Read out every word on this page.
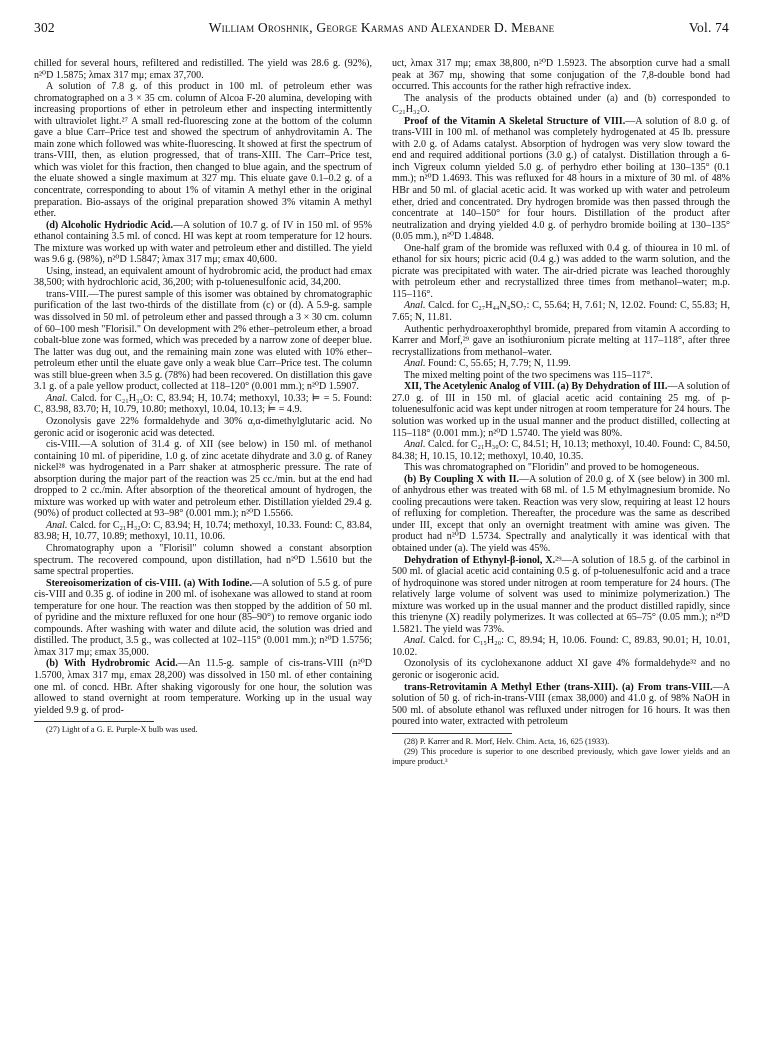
302	William Oroshnik, George Karmas and Alexander D. Mebane	Vol. 74

chilled for several hours, refiltered and redistilled. The yield was 28.6 g. (92%), n²⁰D 1.5875; λmax 317 mμ; εmax 37,700.

A solution of 7.8 g. of this product in 100 ml. of petroleum ether was chromatographed on a 3 × 35 cm. column of Alcoa F-20 alumina, developing with increasing proportions of ether in petroleum ether and inspecting intermittently with ultraviolet light.²⁷ A small red-fluorescing zone at the bottom of the column gave a blue Carr–Price test and showed the spectrum of anhydrovitamin A. The main zone which followed was white-fluorescing. It showed at first the spectrum of trans-VIII, then, as elution progressed, that of trans-XIII. The Carr–Price test, which was violet for this fraction, then changed to blue again, and the spectrum of the eluate showed a single maximum at 327 mμ. This eluate gave 0.1–0.2 g. of a concentrate, corresponding to about 1% of vitamin A methyl ether in the original preparation. Bio-assays of the original preparation showed 3% vitamin A methyl ether.

(d) Alcoholic Hydriodic Acid.—A solution of 10.7 g. of IV in 150 ml. of 95% ethanol containing 3.5 ml. of concd. HI was kept at room temperature for 12 hours. The mixture was worked up with water and petroleum ether and distilled. The yield was 9.6 g. (98%), n²⁰D 1.5847; λmax 317 mμ; εmax 40,600.

Using, instead, an equivalent amount of hydrobromic acid, the product had εmax 38,500; with hydrochloric acid, 36,200; with p-toluenesulfonic acid, 34,200.

trans-VIII.—The purest sample of this isomer was obtained by chromatographic purification of the last two-thirds of the distillate from (c) or (d). A 5.9-g. sample was dissolved in 50 ml. of petroleum ether and passed through a 3 × 30 cm. column of 60–100 mesh "Florisil." On development with 2% ether–petroleum ether, a broad cobalt-blue zone was formed, which was preceded by a narrow zone of deeper blue. The latter was dug out, and the remaining main zone was eluted with 10% ether–petroleum ether until the eluate gave only a weak blue Carr–Price test. The column was still blue-green when 3.5 g. (78%) had been recovered. On distillation this gave 3.1 g. of a pale yellow product, collected at 118–120° (0.001 mm.); n²⁰D 1.5907.

Anal. Calcd. for C₂₁H₃₂O: C, 83.94; H, 10.74; methoxyl, 10.33; ⊨ = 5. Found: C, 83.98, 83.70; H, 10.79, 10.80; methoxyl, 10.04, 10.13; ⊨ = 4.9.

Ozonolysis gave 22% formaldehyde and 30% α,α-dimethylglutaric acid. No geronic acid or isogeronic acid was detected.

cis-VIII.—A solution of 31.4 g. of XII (see below) in 150 ml. of methanol containing 10 ml. of piperidine, 1.0 g. of zinc acetate dihydrate and 3.0 g. of Raney nickel²⁸ was hydrogenated in a Parr shaker at atmospheric pressure. The rate of absorption during the major part of the reaction was 25 cc./min. but at the end had dropped to 2 cc./min. After absorption of the theoretical amount of hydrogen, the mixture was worked up with water and petroleum ether. Distillation yielded 29.4 g. (90%) of product collected at 93–98° (0.001 mm.); n²⁰D 1.5566.

Anal. Calcd. for C₂₁H₃₂O: C, 83.94; H, 10.74; methoxyl, 10.33. Found: C, 83.84, 83.98; H, 10.77, 10.89; methoxyl, 10.11, 10.06.

Chromatography upon a "Florisil" column showed a constant absorption spectrum. The recovered compound, upon distillation, had n²⁰D 1.5610 but the same spectral properties.

Stereoisomerization of cis-VIII. (a) With Iodine.—A solution of 5.5 g. of pure cis-VIII and 0.35 g. of iodine in 200 ml. of isohexane was allowed to stand at room temperature for one hour. The reaction was then stopped by the addition of 50 ml. of pyridine and the mixture refluxed for one hour (85–90°) to remove organic iodo compounds. After washing with water and dilute acid, the solution was dried and distilled. The product, 3.5 g., was collected at 102–115° (0.001 mm.); n²⁰D 1.5756; λmax 317 mμ; εmax 35,000.

(b) With Hydrobromic Acid.—An 11.5-g. sample of cis-trans-VIII (n²⁰D 1.5700, λmax 317 mμ, εmax 28,200) was dissolved in 150 ml. of ether containing one ml. of concd. HBr. After shaking vigorously for one hour, the solution was allowed to stand overnight at room temperature. Working up in the usual way yielded 9.9 g. of prod-

(27) Light of a G. E. Purple-X bulb was used.

uct, λmax 317 mμ; εmax 38,800, n²⁰D 1.5923. The absorption curve had a small peak at 367 mμ, showing that some conjugation of the 7,8-double bond had occurred. This accounts for the rather high refractive index.

The analysis of the products obtained under (a) and (b) corresponded to C₂₁H₃₂O.

Proof of the Vitamin A Skeletal Structure of VIII.—A solution of 8.0 g. of trans-VIII in 100 ml. of methanol was completely hydrogenated at 45 lb. pressure with 2.0 g. of Adams catalyst. Absorption of hydrogen was very slow toward the end and required additional portions (3.0 g.) of catalyst. Distillation through a 6-inch Vigreux column yielded 5.0 g. of perhydro ether boiling at 130–135° (0.1 mm.); n²⁰D 1.4693. This was refluxed for 48 hours in a mixture of 30 ml. of 48% HBr and 50 ml. of glacial acetic acid. It was worked up with water and petroleum ether, dried and concentrated. Dry hydrogen bromide was then passed through the concentrate at 140–150° for four hours. Distillation of the product after neutralization and drying yielded 4.0 g. of perhydro bromide boiling at 130–135° (0.05 mm.), n²⁰D 1.4848.

One-half gram of the bromide was refluxed with 0.4 g. of thiourea in 10 ml. of ethanol for six hours; picric acid (0.4 g.) was added to the warm solution, and the picrate was precipitated with water. The air-dried picrate was leached thoroughly with petroleum ether and recrystallized three times from methanol–water; m.p. 115–116°.

Anal. Calcd. for C₂₇H₄₄N₄SO₇: C, 55.64; H, 7.61; N, 12.02. Found: C, 55.83; H, 7.65; N, 11.81.

Authentic perhydroaxerophthyl bromide, prepared from vitamin A according to Karrer and Morf,²⁹ gave an isothiuronium picrate melting at 117–118°, after three recrystallizations from methanol–water.

Anal. Found: C, 55.65; H, 7.79; N, 11.99.

The mixed melting point of the two specimens was 115–117°.

XII, The Acetylenic Analog of VIII. (a) By Dehydration of III.—A solution of 27.0 g. of III in 150 ml. of glacial acetic acid containing 25 mg. of p-toluenesulfonic acid was kept under nitrogen at room temperature for 24 hours. The solution was worked up in the usual manner and the product distilled, collecting at 115–118° (0.001 mm.); n²⁰D 1.5740. The yield was 80%.

Anal. Calcd. for C₂₁H₃₀O: C, 84.51; H, 10.13; methoxyl, 10.40. Found: C, 84.50, 84.38; H, 10.15, 10.12; methoxyl, 10.40, 10.35.

This was chromatographed on "Floridin" and proved to be homogeneous.

(b) By Coupling X with II.—A solution of 20.0 g. of X (see below) in 300 ml. of anhydrous ether was treated with 68 ml. of 1.5 M ethylmagnesium bromide. No cooling precautions were taken. Reaction was very slow, requiring at least 12 hours of refluxing for completion. Thereafter, the procedure was the same as described under III, except that only an overnight treatment with amine was given. The product had n²⁰D 1.5734. Spectrally and analytically it was identical with that obtained under (a). The yield was 45%.

Dehydration of Ethynyl-β-ionol, X.²⁹—A solution of 18.5 g. of the carbinol in 500 ml. of glacial acetic acid containing 0.5 g. of p-toluenesulfonic acid and a trace of hydroquinone was stored under nitrogen at room temperature for 24 hours. (The relatively large volume of solvent was used to minimize polymerization.) The mixture was worked up in the usual manner and the product distilled rapidly, since this trienyne (X) readily polymerizes. It was collected at 65–75° (0.05 mm.); n²⁰D 1.5821. The yield was 73%.

Anal. Calcd. for C₁₅H₂₀: C, 89.94; H, 10.06. Found: C, 89.83, 90.01; H, 10.01, 10.02.

Ozonolysis of its cyclohexanone adduct XI gave 4% formaldehyde³² and no geronic or isogeronic acid.

trans-Retrovitamin A Methyl Ether (trans-XIII). (a) From trans-VIII.—A solution of 50 g. of rich-in-trans-VIII (εmax 38,000) and 41.0 g. of 98% NaOH in 500 ml. of absolute ethanol was refluxed under nitrogen for 16 hours. It was then poured into water, extracted with petroleum

(28) P. Karrer and R. Morf, Helv. Chim. Acta, 16, 625 (1933).

(29) This procedure is superior to one described previously, which gave lower yields and an impure product.³
